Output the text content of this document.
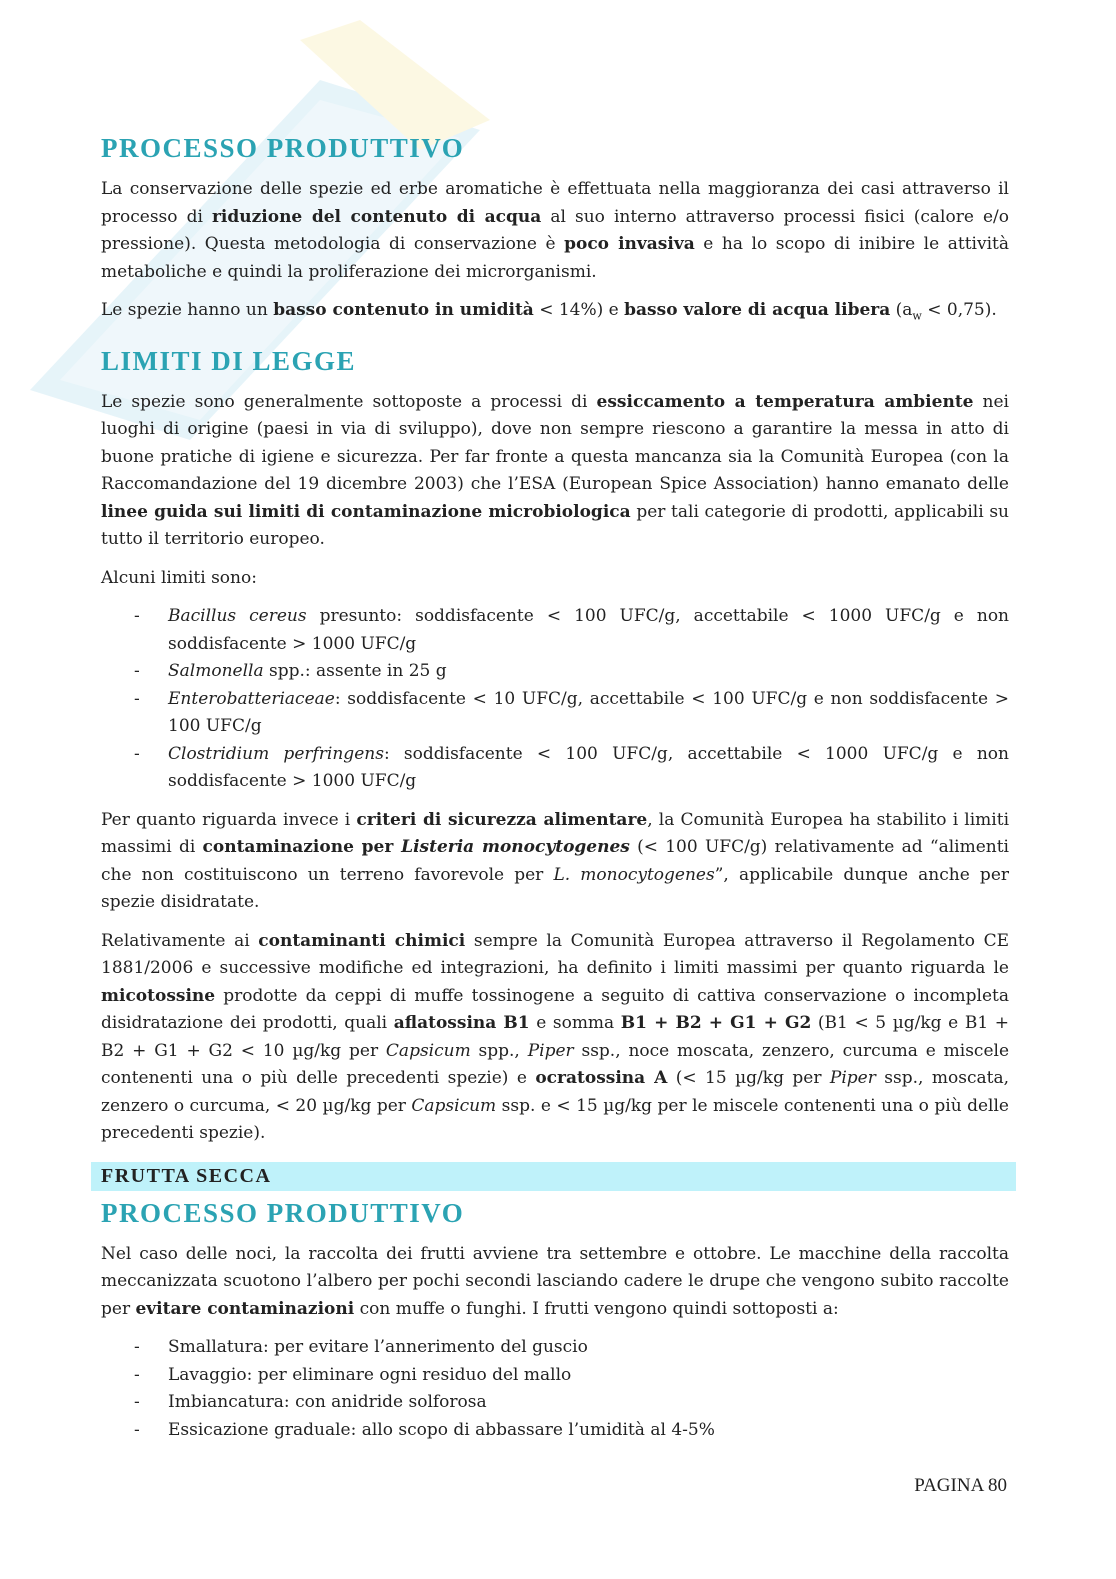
PROCESSO PRODUTTIVO

La conservazione delle spezie ed erbe aromatiche è effettuata nella maggioranza dei casi attraverso il processo di riduzione del contenuto di acqua al suo interno attraverso processi fisici (calore e/o pressione). Questa metodologia di conservazione è poco invasiva e ha lo scopo di inibire le attività metaboliche e quindi la proliferazione dei microrganismi.

Le spezie hanno un basso contenuto in umidità < 14%) e basso valore di acqua libera $(a_w < 0,75)$.

LIMITI DI LEGGE

Le spezie sono generalmente sottoposte a processi di essiccamento a temperatura ambiente nei luoghi di origine (paesi in via di sviluppo), dove non sempre riescono a garantire la messa in atto di buone pratiche di igiene e sicurezza. Per far fronte a questa mancanza sia la Comunità Europea (con la Raccomandazione del 19 dicembre 2003) che l’ESA (European Spice Association) hanno emanato delle linee guida sui limiti di contaminazione microbiologica per tali categorie di prodotti, applicabili su tutto il territorio europeo.

Alcuni limiti sono:

- Bacillus cereus presunto: soddisfacente < 100 UFC/g, accettabile < 1000 UFC/g e non soddisfacente > 1000 UFC/g
- Salmonella spp.: assente in 25 g
- Enterobatteriaceae: soddisfacente < 10 UFC/g, accettabile < 100 UFC/g e non soddisfacente > 100 UFC/g
- Clostridium perfringens: soddisfacente < 100 UFC/g, accettabile < 1000 UFC/g e non soddisfacente > 1000 UFC/g

Per quanto riguarda invece i criteri di sicurezza alimentare, la Comunità Europea ha stabilito i limiti massimi di contaminazione per Listeria monocytogenes (< 100 UFC/g) relativamente ad “alimenti che non costituiscono un terreno favorevole per L. monocytogenes”, applicabile dunque anche per spezie disidratate.

Relativamente ai contaminanti chimici sempre la Comunità Europea attraverso il Regolamento CE 1881/2006 e successive modifiche ed integrazioni, ha definito i limiti massimi per quanto riguarda le micotossine prodotte da ceppi di muffe tossinogene a seguito di cattiva conservazione o incompleta disidratazione dei prodotti, quali aflatossina B1 e somma B1 + B2 + G1 + G2 (B1 < 5 µg/kg e B1 + B2 + G1 + G2 < 10 µg/kg per Capsicum spp., Piper ssp., noce moscata, zenzero, curcuma e miscele contenenti una o più delle precedenti spezie) e ocratossina A (< 15 µg/kg per Piper ssp., moscata, zenzero o curcuma, < 20 µg/kg per Capsicum ssp. e < 15 µg/kg per le miscele contenenti una o più delle precedenti spezie).

FRUTTA SECCA
PROCESSO PRODUTTIVO

Nel caso delle noci, la raccolta dei frutti avviene tra settembre e ottobre. Le macchine della raccolta meccanizzata scuotono l’albero per pochi secondi lasciando cadere le drupe che vengono subito raccolte per evitare contaminazioni con muffe o funghi. I frutti vengono quindi sottoposti a:

- Smallatura: per evitare l’annerimento del guscio
- Lavaggio: per eliminare ogni residuo del mallo
- Imbiancatura: con anidride solforosa
- Essicazione graduale: allo scopo di abbassare l’umidità al 4-5%
PAGINA 80
